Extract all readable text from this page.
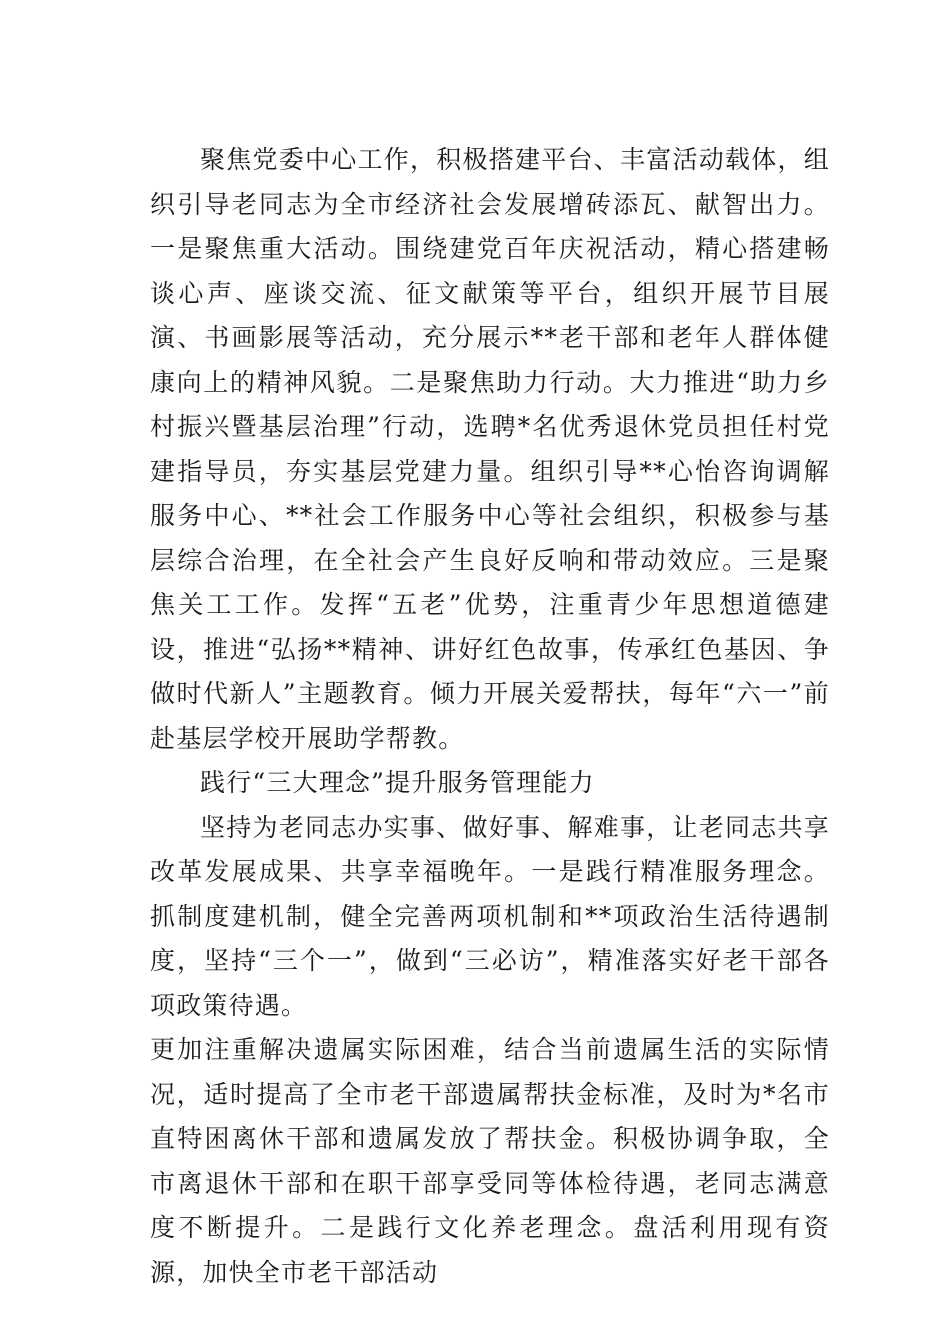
聚焦党委中心工作，积极搭建平台、丰富活动载体，组织引导老同志为全市经济社会发展增砖添瓦、献智出力。一是聚焦重大活动。围绕建党百年庆祝活动，精心搭建畅谈心声、座谈交流、征文献策等平台，组织开展节目展演、书画影展等活动，充分展示**老干部和老年人群体健康向上的精神风貌。二是聚焦助力行动。大力推进“助力乡村振兴暨基层治理”行动，选聘*名优秀退休党员担任村党建指导员，夯实基层党建力量。组织引导**心怡咨询调解服务中心、**社会工作服务中心等社会组织，积极参与基层综合治理，在全社会产生良好反响和带动效应。三是聚焦关工工作。发挥“五老”优势，注重青少年思想道德建设，推进“弘扬**精神、讲好红色故事，传承红色基因、争做时代新人”主题教育。倾力开展关爱帮扶，每年“六一”前赴基层学校开展助学帮教。

践行“三大理念”提升服务管理能力

坚持为老同志办实事、做好事、解难事，让老同志共享改革发展成果、共享幸福晚年。一是践行精准服务理念。抓制度建机制，健全完善两项机制和**项政治生活待遇制度，坚持“三个一”，做到“三必访”，精准落实好老干部各项政策待遇。

更加注重解决遗属实际困难，结合当前遗属生活的实际情况，适时提高了全市老干部遗属帮扶金标准，及时为*名市直特困离休干部和遗属发放了帮扶金。积极协调争取，全市离退休干部和在职干部享受同等体检待遇，老同志满意度不断提升。二是践行文化养老理念。盘活利用现有资源，加快全市老干部活动
